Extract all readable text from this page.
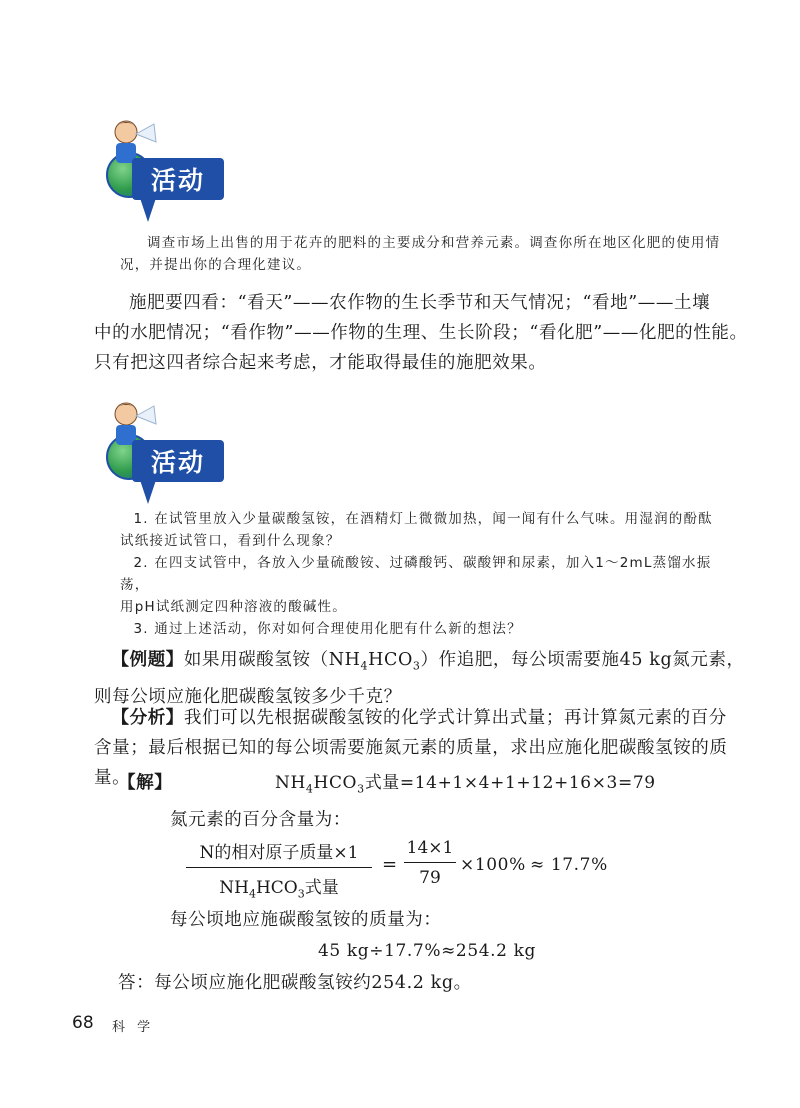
活动
调查市场上出售的用于花卉的肥料的主要成分和营养元素。调查你所在地区化肥的使用情
况，并提出你的合理化建议。
施肥要四看：“看天”——农作物的生长季节和天气情况；“看地”——土壤
中的水肥情况；“看作物”——作物的生理、生长阶段；“看化肥”——化肥的性能。
只有把这四者综合起来考虑，才能取得最佳的施肥效果。
活动
1. 在试管里放入少量碳酸氢铵，在酒精灯上微微加热，闻一闻有什么气味。用湿润的酚酞
试纸接近试管口，看到什么现象？
2. 在四支试管中，各放入少量硫酸铵、过磷酸钙、碳酸钾和尿素，加入1～2mL蒸馏水振荡，
用pH试纸测定四种溶液的酸碱性。
3. 通过上述活动，你对如何合理使用化肥有什么新的想法？
【例题】如果用碳酸氢铵$(NH_4HCO_3)$作追肥，每公顷需要施45 kg氮元素，
则每公顷应施化肥碳酸氢铵多少千克？
【分析】我们可以先根据碳酸氢铵的化学式计算出式量；再计算氮元素的百分
含量；最后根据已知的每公顷需要施氮元素的质量，求出应施化肥碳酸氢铵的质量。
【解】	$NH_4HCO_3$式量=14+1×4+1+12+16×3=79
氮元素的百分含量为：
N的相对原子质量×1
$NH_4HCO_3$式量
=
14×1
79
×100% ≈ 17.7%
每公顷地应施碳酸氢铵的质量为：
45 kg÷17.7%≈254.2 kg
答：每公顷应施化肥碳酸氢铵约254.2 kg。
68 科 学
